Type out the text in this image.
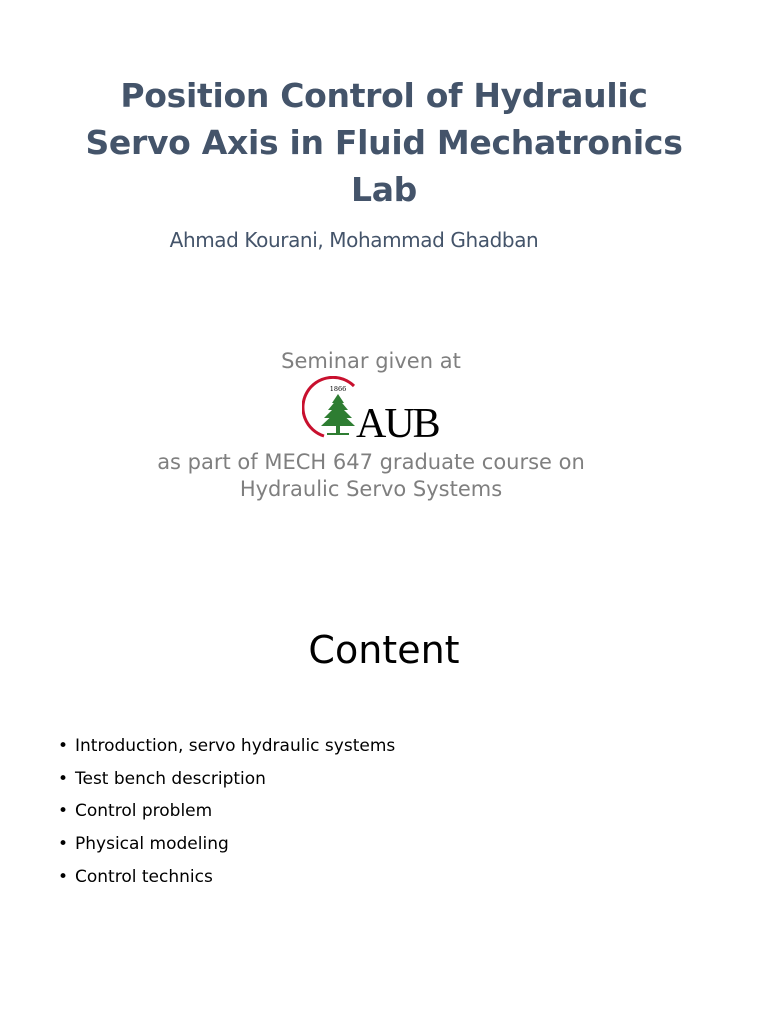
Position Control of Hydraulic
Servo Axis in Fluid Mechatronics
Lab
Ahmad Kourani, Mohammad Ghadban
Seminar given at
1866
AUB
as part of MECH 647 graduate course on
Hydraulic Servo Systems
Content
• Introduction, servo hydraulic systems
• Test bench description
• Control problem
• Physical modeling
• Control technics
